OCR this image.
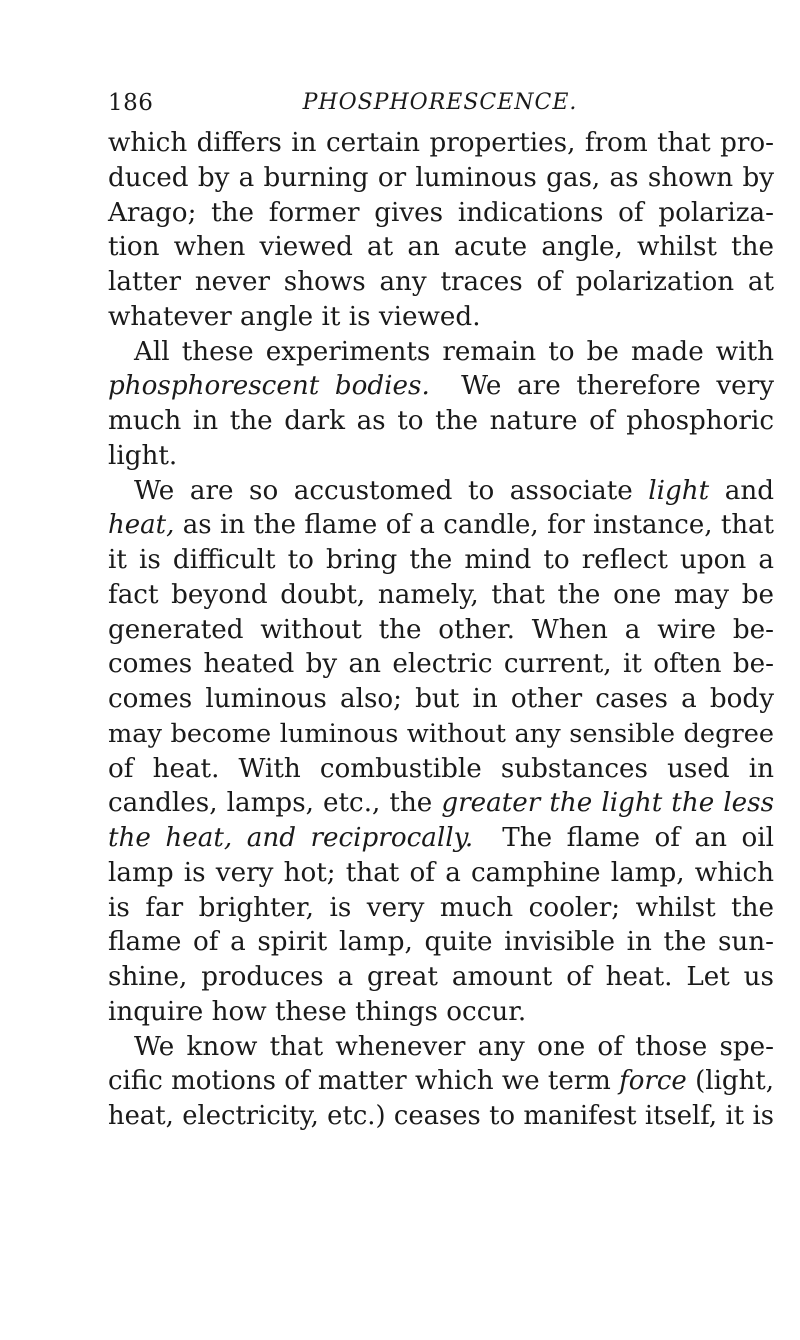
186	PHOSPHORESCENCE.
which differs in certain properties, from that pro-
duced by a burning or luminous gas, as shown by
Arago; the former gives indications of polariza-
tion when viewed at an acute angle, whilst the
latter never shows any traces of polarization at
whatever angle it is viewed.
All these experiments remain to be made with
phosphorescent bodies. We are therefore very
much in the dark as to the nature of phosphoric
light.
We are so accustomed to associate light and
heat, as in the flame of a candle, for instance, that
it is difficult to bring the mind to reflect upon a
fact beyond doubt, namely, that the one may be
generated without the other. When a wire be-
comes heated by an electric current, it often be-
comes luminous also; but in other cases a body
may become luminous without any sensible degree
of heat. With combustible substances used in
candles, lamps, etc., the greater the light the less
the heat, and reciprocally. The flame of an oil
lamp is very hot; that of a camphine lamp, which
is far brighter, is very much cooler; whilst the
flame of a spirit lamp, quite invisible in the sun-
shine, produces a great amount of heat. Let us
inquire how these things occur.
We know that whenever any one of those spe-
cific motions of matter which we term force (light,
heat, electricity, etc.) ceases to manifest itself, it is
